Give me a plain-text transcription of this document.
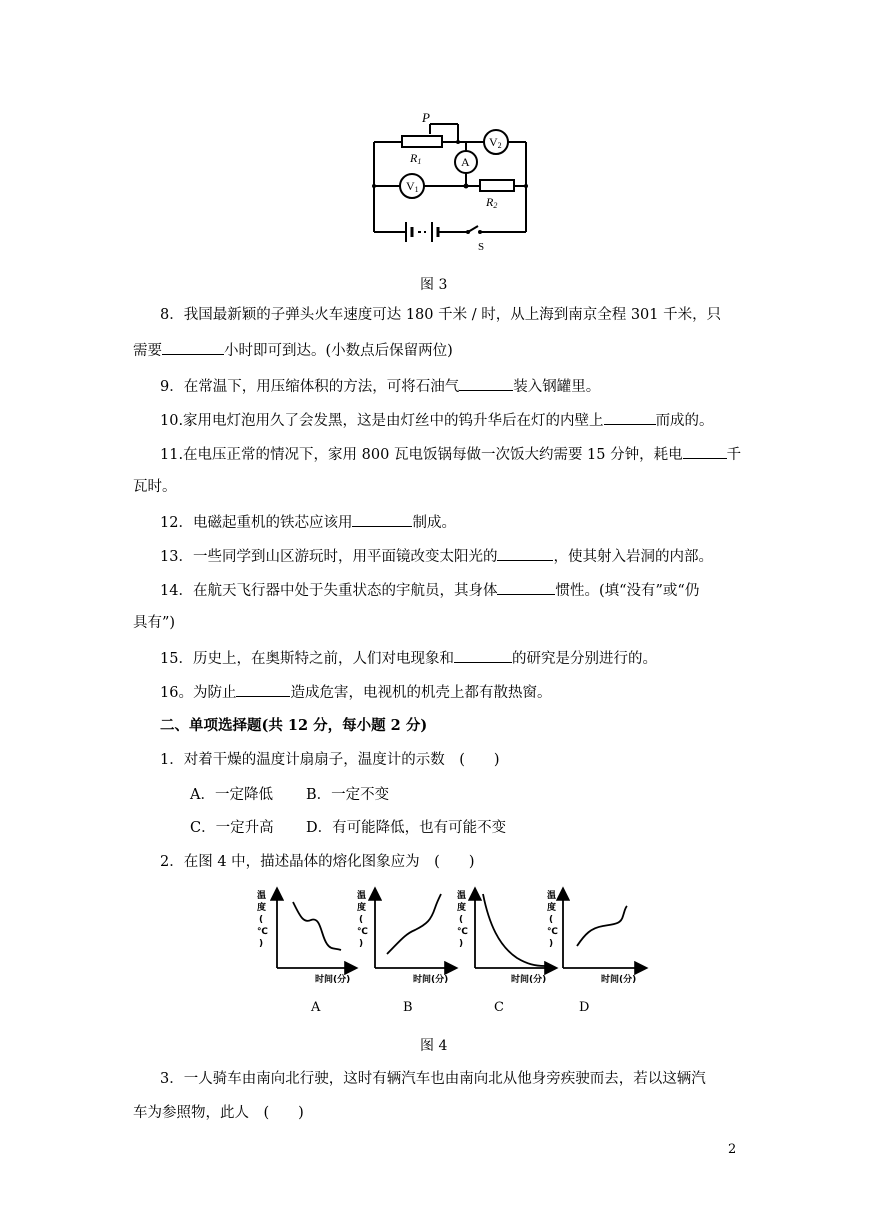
P
R1
R2
A
V1
V2
S
图 3
8．我国最新颖的子弹头火车速度可达 180 千米 / 时，从上海到南京全程 301 千米，只
需要	小时即可到达。(小数点后保留两位)
9．在常温下，用压缩体积的方法，可将石油气	装入钢罐里。
10.家用电灯泡用久了会发黑，这是由灯丝中的钨升华后在灯的内壁上	而成的。
11.在电压正常的情况下，家用 800 瓦电饭锅每做一次饭大约需要 15 分钟，耗电	千
瓦时。
12．电磁起重机的铁芯应该用	制成。
13．一些同学到山区游玩时，用平面镜改变太阳光的	，使其射入岩洞的内部。
14．在航天飞行器中处于失重状态的宇航员，其身体	惯性。(填“没有”或“仍
具有”)
15．历史上，在奥斯特之前，人们对电现象和	的研究是分别进行的。
16。为防止	造成危害，电视机的机壳上都有散热窗。
二、单项选择题(共 12 分，每小题 2 分)
1．对着干燥的温度计扇扇子，温度计的示数　(　　)
A．一定降低 B．一定不变
C．一定升高 D．有可能降低，也有可能不变
2．在图 4 中，描述晶体的熔化图象应为　(　　)
温
度
(
℃
)
时间(分)
温
度
(
℃
)
时间(分)
温
度
(
℃
)
时间(分)
温
度
(
℃
)
时间(分)
A	B	C	D
图 4
3．一人骑车由南向北行驶，这时有辆汽车也由南向北从他身旁疾驶而去，若以这辆汽
车为参照物，此人　(　　)
2
